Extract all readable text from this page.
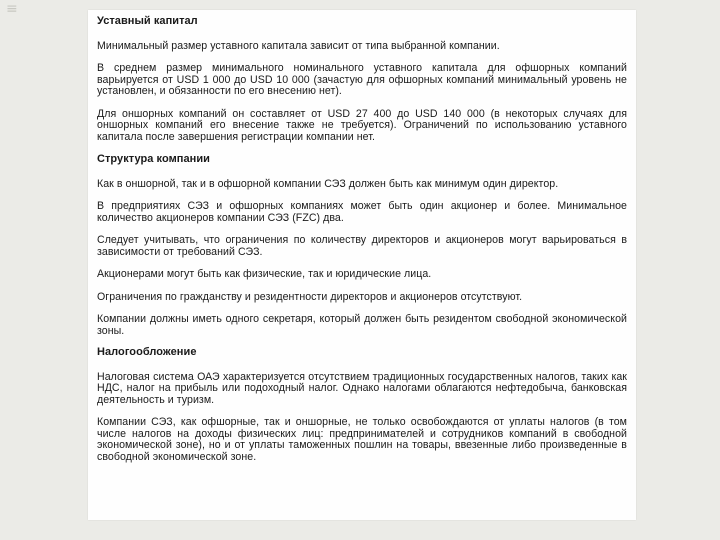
≡
Уставный капитал
Минимальный размер уставного капитала зависит от типа выбранной компании.
В среднем размер минимального номинального уставного капитала для офшорных компаний варьируется от USD 1 000 до USD 10 000 (зачастую для офшорных компаний минимальный уровень не установлен, и обязанности по его внесению нет).
Для оншорных компаний он составляет от USD 27 400 до USD 140 000 (в некоторых случаях для оншорных компаний его внесение также не требуется). Ограничений по использованию уставного капитала после завершения регистрации компании нет.
Структура компании
Как в оншорной, так и в офшорной компании СЭЗ должен быть как минимум один директор.
В предприятиях СЭЗ и офшорных компаниях может быть один акционер и более. Минимальное количество акционеров компании СЭЗ (FZC) два.
Следует учитывать, что ограничения по количеству директоров и акционеров могут варьироваться в зависимости от требований СЭЗ.
Акционерами могут быть как физические, так и юридические лица.
Ограничения по гражданству и резидентности директоров и акционеров отсутствуют.
Компании должны иметь одного секретаря, который должен быть резидентом свободной экономической зоны.
Налогообложение
Налоговая система ОАЭ характеризуется отсутствием традиционных государственных налогов, таких как НДС, налог на прибыль или подоходный налог. Однако налогами облагаются нефтедобыча, банковская деятельность и туризм.
Компании СЭЗ, как офшорные, так и оншорные, не только освобождаются от уплаты налогов (в том числе налогов на доходы физических лиц: предпринимателей и сотрудников компаний в свободной экономической зоне), но и от уплаты таможенных пошлин на товары, ввезенные либо произведенные в свободной экономической зоне.
